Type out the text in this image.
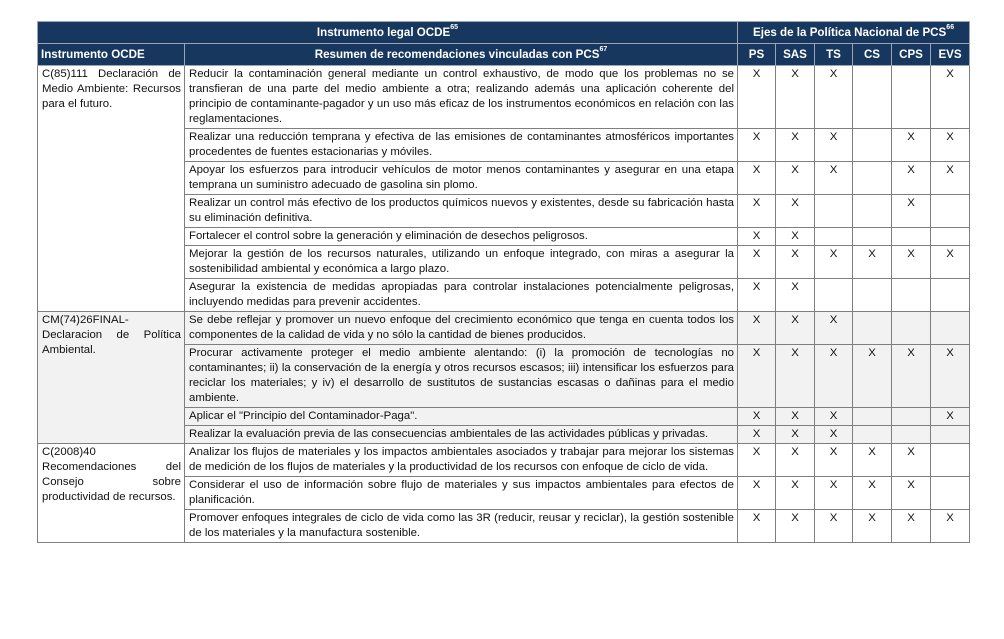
Instrumento legal OCDE$^{65}$		Ejes de la Política Nacional de PCS$^{66}$
Instrumento OCDE	Resumen de recomendaciones vinculadas con PCS$^{67}$	PS	SAS	TS	CS	CPS	EVS
C(85)111 Declaración de Medio Ambiente: Recursos para el futuro.	Reducir la contaminación general mediante un control exhaustivo, de modo que los problemas no se transfieran de una parte del medio ambiente a otra; realizando además una aplicación coherente del principio de contaminante-pagador y un uso más eficaz de los instrumentos económicos en relación con las reglamentaciones.	X	X	X			X
	Realizar una reducción temprana y efectiva de las emisiones de contaminantes atmosféricos importantes procedentes de fuentes estacionarias y móviles.	X	X	X		X	X
	Apoyar los esfuerzos para introducir vehículos de motor menos contaminantes y asegurar en una etapa temprana un suministro adecuado de gasolina sin plomo.	X	X	X		X	X
	Realizar un control más efectivo de los productos químicos nuevos y existentes, desde su fabricación hasta su eliminación definitiva.	X	X			X	
	Fortalecer el control sobre la generación y eliminación de desechos peligrosos.	X	X				
	Mejorar la gestión de los recursos naturales, utilizando un enfoque integrado, con miras a asegurar la sostenibilidad ambiental y económica a largo plazo.	X	X	X	X	X	X
	Asegurar la existencia de medidas apropiadas para controlar instalaciones potencialmente peligrosas, incluyendo medidas para prevenir accidentes.	X	X				
CM(74)26FINAL-Declaracion de Política Ambiental.	Se debe reflejar y promover un nuevo enfoque del crecimiento económico que tenga en cuenta todos los componentes de la calidad de vida y no sólo la cantidad de bienes producidos.	X	X	X			
	Procurar activamente proteger el medio ambiente alentando: (i) la promoción de tecnologías no contaminantes; ii) la conservación de la energía y otros recursos escasos; iii) intensificar los esfuerzos para reciclar los materiales; y iv) el desarrollo de sustitutos de sustancias escasas o dañinas para el medio ambiente.	X	X	X	X	X	X
	Aplicar el "Principio del Contaminador-Paga".	X	X	X			X
	Realizar la evaluación previa de las consecuencias ambientales de las actividades públicas y privadas.	X	X	X			
C(2008)40 Recomendaciones del Consejo sobre productividad de recursos.	Analizar los flujos de materiales y los impactos ambientales asociados y trabajar para mejorar los sistemas de medición de los flujos de materiales y la productividad de los recursos con enfoque de ciclo de vida.	X	X	X	X	X	
	Considerar el uso de información sobre flujo de materiales y sus impactos ambientales para efectos de planificación.	X	X	X	X	X	
	Promover enfoques integrales de ciclo de vida como las 3R (reducir, reusar y reciclar), la gestión sostenible de los materiales y la manufactura sostenible.	X	X	X	X	X	X
